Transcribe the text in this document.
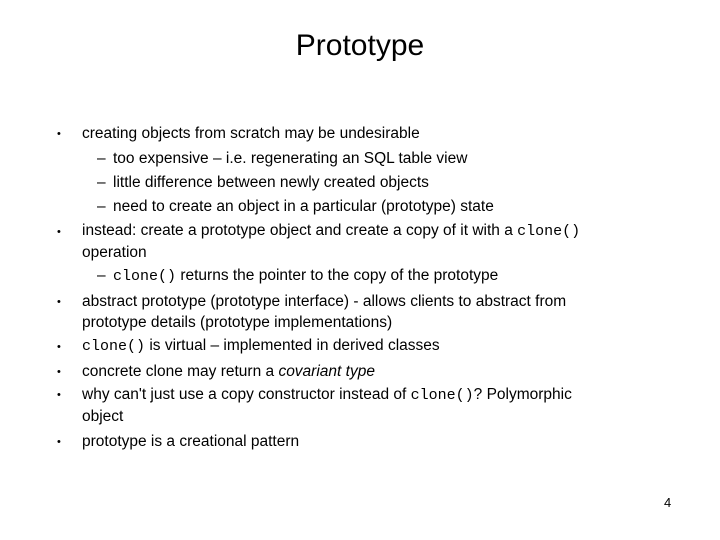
Prototype
• creating objects from scratch may be undesirable
– too expensive – i.e. regenerating an SQL table view
– little difference between newly created objects
– need to create an object in a particular (prototype) state
• instead: create a prototype object and create a copy of it with a clone()
operation
– clone() returns the pointer to the copy of the prototype
• abstract prototype (prototype interface) - allows clients to abstract from
prototype details (prototype implementations)
• clone() is virtual – implemented in derived classes
• concrete clone may return a covariant type
• why can't just use a copy constructor instead of clone()? Polymorphic
object
• prototype is a creational pattern
4
